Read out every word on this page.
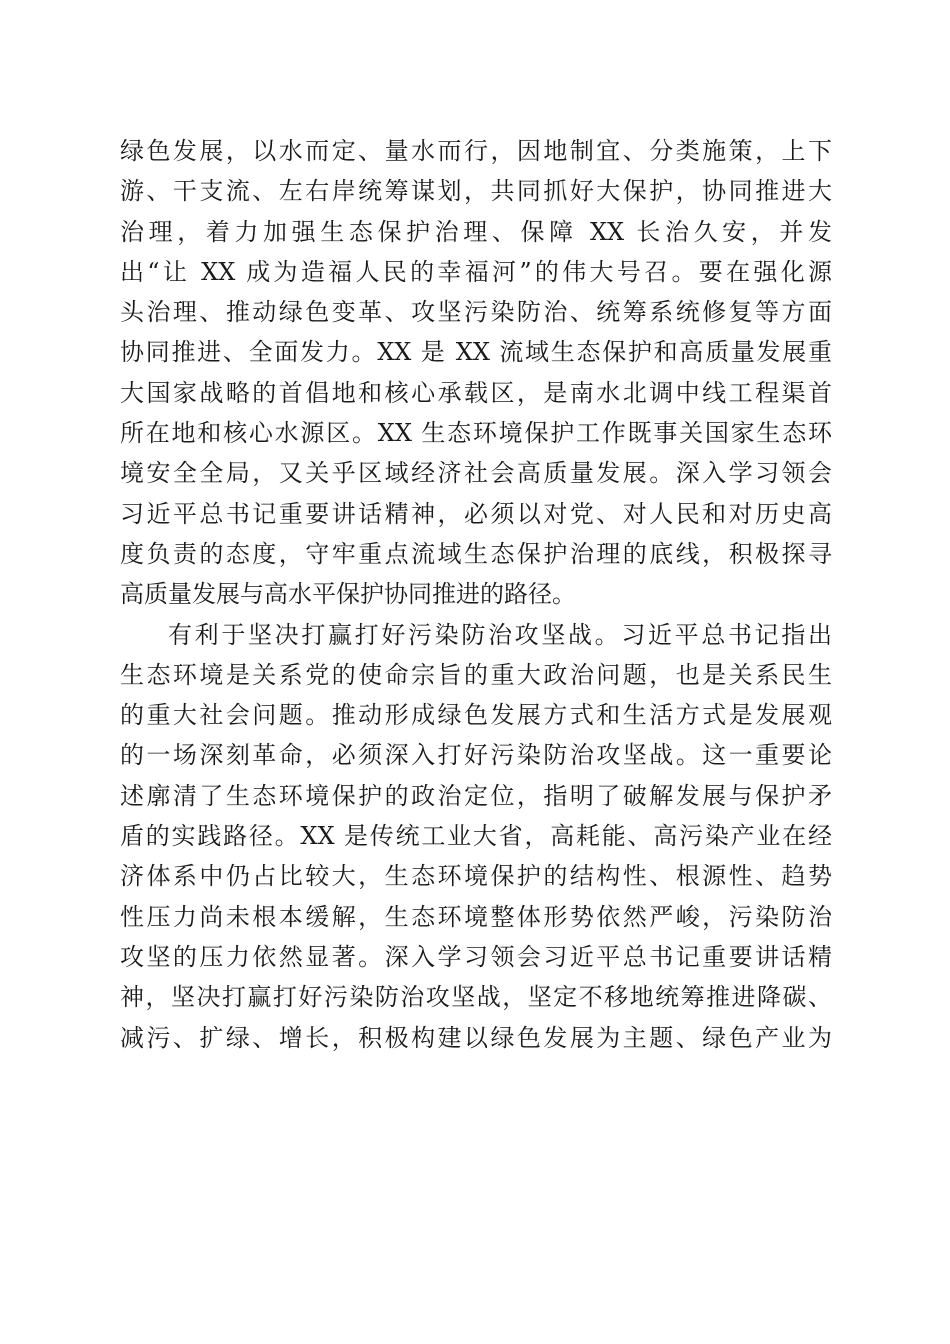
绿色发展，以水而定、量水而行，因地制宜、分类施策，上下
游、干支流、左右岸统筹谋划，共同抓好大保护，协同推进大
治理，着力加强生态保护治理、保障 XX 长治久安，并发
出“让 XX 成为造福人民的幸福河”的伟大号召。要在强化源
头治理、推动绿色变革、攻坚污染防治、统筹系统修复等方面
协同推进、全面发力。XX 是 XX 流域生态保护和高质量发展重
大国家战略的首倡地和核心承载区，是南水北调中线工程渠首
所在地和核心水源区。XX 生态环境保护工作既事关国家生态环
境安全全局，又关乎区域经济社会高质量发展。深入学习领会
习近平总书记重要讲话精神，必须以对党、对人民和对历史高
度负责的态度，守牢重点流域生态保护治理的底线，积极探寻
高质量发展与高水平保护协同推进的路径。
有利于坚决打赢打好污染防治攻坚战。习近平总书记指出
生态环境是关系党的使命宗旨的重大政治问题，也是关系民生
的重大社会问题。推动形成绿色发展方式和生活方式是发展观
的一场深刻革命，必须深入打好污染防治攻坚战。这一重要论
述廓清了生态环境保护的政治定位，指明了破解发展与保护矛
盾的实践路径。XX 是传统工业大省，高耗能、高污染产业在经
济体系中仍占比较大，生态环境保护的结构性、根源性、趋势
性压力尚未根本缓解，生态环境整体形势依然严峻，污染防治
攻坚的压力依然显著。深入学习领会习近平总书记重要讲话精
神，坚决打赢打好污染防治攻坚战，坚定不移地统筹推进降碳、
减污、扩绿、增长，积极构建以绿色发展为主题、绿色产业为
